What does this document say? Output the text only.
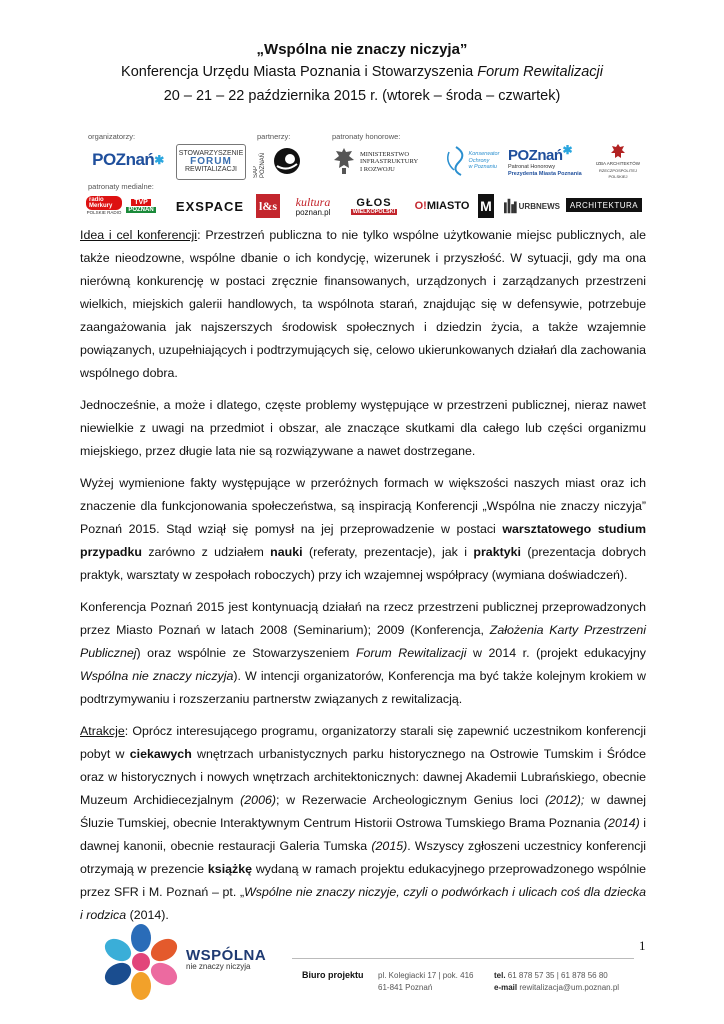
„Wspólna nie znaczy niczyja”
Konferencja Urzędu Miasta Poznania i Stowarzyszenia Forum Rewitalizacji
20 – 21 – 22 października 2015 r. (wtorek – środa – czwartek)
organizatorzy:	partnerzy:	patronaty honorowe:
POZnań ✱ STOWARZYSZENIE
FORUM
REWITALIZACJI	SAP POZNAŃ	MINISTERSTWO
INFRASTRUKTURY
I ROZWOJU
Konserwator
Ochrony
w Poznaniu
POZnań✱
Patronat Honorowy
Prezydenta Miasta Poznania
IZBA ARCHITEKTÓW
RZECZPOSPOLITEJ POLSKIEJ
patronaty medialne:
radio Merkury
POLSKIE RADIO
TVP
POZNAŃ	EXSPACE	l&s kultura
poznan.pl
GŁOS
WIELKOPOLSKI O! MIASTO M	URBNEWS	ARCHITEKTURA

Idea i cel konferencji: Przestrzeń publiczna to nie tylko wspólne użytkowanie miejsc publicznych, ale także nieodzowne, wspólne dbanie o ich kondycję, wizerunek i przyszłość. W sytuacji, gdy ma ona nierówną konkurencję w postaci zręcznie finansowanych, urządzonych i zarządzanych przestrzeni wielkich, miejskich galerii handlowych, ta wspólnota starań, znajdując się w defensywie, potrzebuje zaangażowania jak najszerszych środowisk społecznych i dziedzin życia, a także wzajemnie powiązanych, uzupełniających i podtrzymujących się, celowo ukierunkowanych działań dla zachowania wspólnego dobra.

Jednocześnie, a może i dlatego, częste problemy występujące w przestrzeni publicznej, nieraz nawet niewielkie z uwagi na przedmiot i obszar, ale znaczące skutkami dla całego lub części organizmu miejskiego, przez długie lata nie są rozwiązywane a nawet dostrzegane.

Wyżej wymienione fakty występujące w przeróżnych formach w większości naszych miast oraz ich znaczenie dla funkcjonowania społeczeństwa, są inspiracją Konferencji „Wspólna nie znaczy niczyja” Poznań 2015. Stąd wziął się pomysł na jej przeprowadzenie w postaci warsztatowego studium przypadku zarówno z udziałem nauki (referaty, prezentacje), jak i praktyki (prezentacja dobrych praktyk, warsztaty w zespołach roboczych) przy ich wzajemnej współpracy (wymiana doświadczeń).

Konferencja Poznań 2015 jest kontynuacją działań na rzecz przestrzeni publicznej przeprowadzonych przez Miasto Poznań w latach 2008 (Seminarium); 2009 (Konferencja, Założenia Karty Przestrzeni Publicznej) oraz wspólnie ze Stowarzyszeniem Forum Rewitalizacji w 2014 r. (projekt edukacyjny Wspólna nie znaczy niczyja). W intencji organizatorów, Konferencja ma być także kolejnym krokiem w podtrzymywaniu i rozszerzaniu partnerstw związanych z rewitalizacją.

Atrakcje: Oprócz interesującego programu, organizatorzy starali się zapewnić uczestnikom konferencji pobyt w ciekawych wnętrzach urbanistycznych parku historycznego na Ostrowie Tumskim i Śródce oraz w historycznych i nowych wnętrzach architektonicznych: dawnej Akademii Lubrańskiego, obecnie Muzeum Archidiecezjalnym (2006); w Rezerwacie Archeologicznym Genius loci (2012); w dawnej Śluzie Tumskiej, obecnie Interaktywnym Centrum Historii Ostrowa Tumskiego Brama Poznania (2014) i dawnej kanonii, obecnie restauracji Galeria Tumska (2015). Wszyscy zgłoszeni uczestnicy konferencji otrzymają w prezencie książkę wydaną w ramach projektu edukacyjnego przeprowadzonego wspólnie przez SFR i M. Poznań – pt. „Wspólne nie znaczy niczyje, czyli o podwórkach i ulicach coś dla dziecka i rodzica (2014).

WSPÓLNA
nie znaczy niczyja
1
Biuro projektu pl. Kolegiacki 17 | pok. 416
61-841 Poznań
tel. 61 878 57 35 | 61 878 56 80
e-mail rewitalizacja@um.poznan.pl
